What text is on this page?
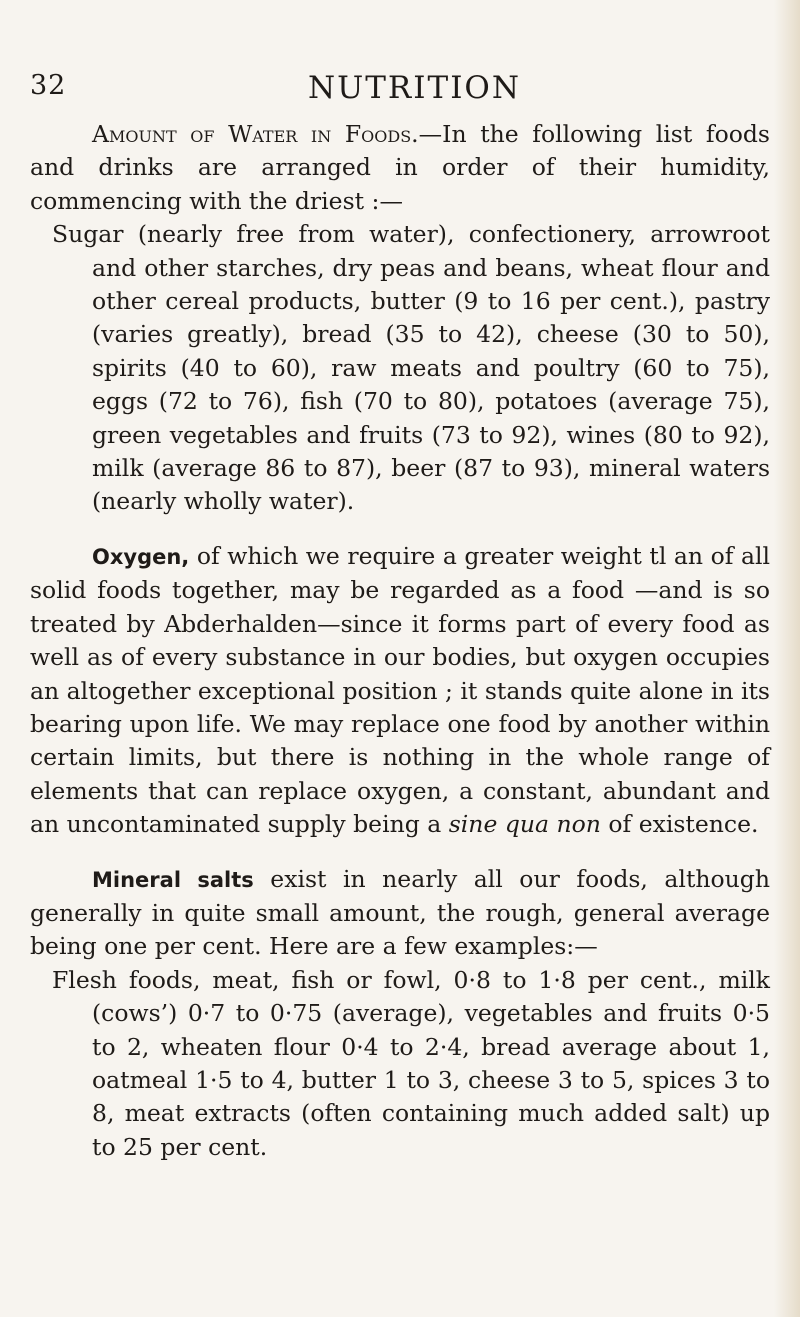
32	NUTRITION

Amount of Water in Foods.—In the following list foods and drinks are arranged in order of their humidity, commencing with the driest :—

Sugar (nearly free from water), confectionery, arrowroot and other starches, dry peas and beans, wheat flour and other cereal products, butter (9 to 16 per cent.), pastry (varies greatly), bread (35 to 42), cheese (30 to 50), spirits (40 to 60), raw meats and poultry (60 to 75), eggs (72 to 76), fish (70 to 80), potatoes (average 75), green vegetables and fruits (73 to 92), wines (80 to 92), milk (average 86 to 87), beer (87 to 93), mineral waters (nearly wholly water).

Oxygen, of which we require a greater weight tl an of all solid foods together, may be regarded as a food —and is so treated by Abderhalden—since it forms part of every food as well as of every substance in our bodies, but oxygen occupies an altogether exceptional position ; it stands quite alone in its bearing upon life. We may replace one food by another within certain limits, but there is nothing in the whole range of elements that can replace oxygen, a constant, abundant and an uncontaminated supply being a sine qua non of existence.

Mineral salts exist in nearly all our foods, although generally in quite small amount, the rough, general average being one per cent. Here are a few examples:—

Flesh foods, meat, fish or fowl, 0·8 to 1·8 per cent., milk (cows’) 0·7 to 0·75 (average), vegetables and fruits 0·5 to 2, wheaten flour 0·4 to 2·4, bread average about 1, oatmeal 1·5 to 4, butter 1 to 3, cheese 3 to 5, spices 3 to 8, meat extracts (often containing much added salt) up to 25 per cent.
